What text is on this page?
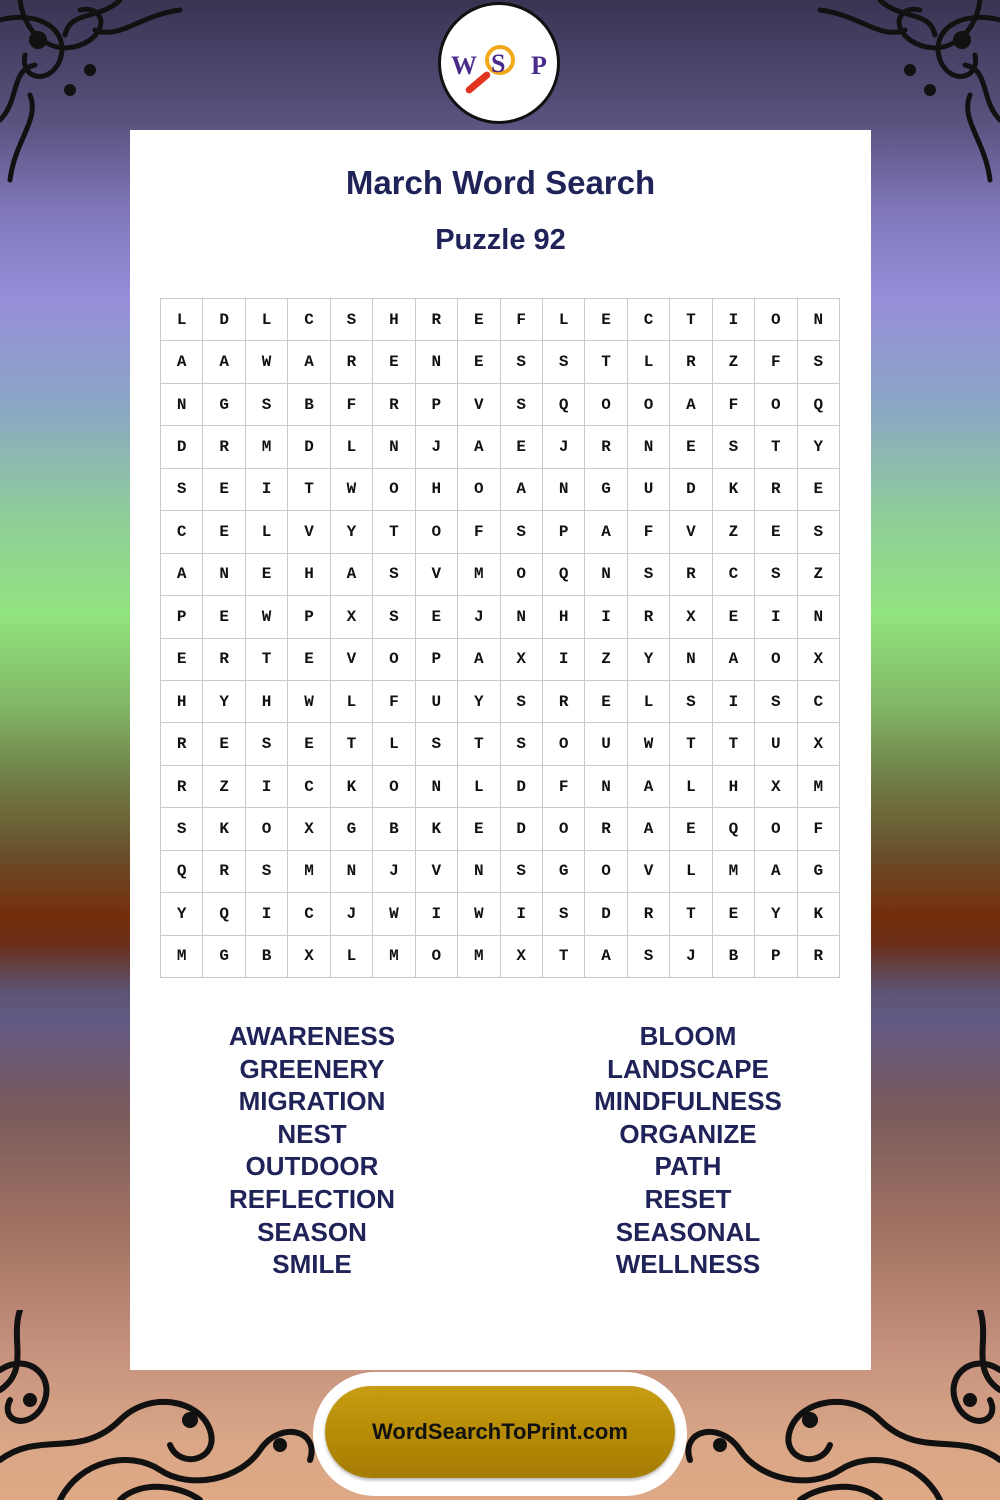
W S P
March Word Search
Puzzle 92
L	D	L	C	S	H	R	E	F	L	E	C	T	I	O	N
A	A	W	A	R	E	N	E	S	S	T	L	R	Z	F	S
N	G	S	B	F	R	P	V	S	Q	O	O	A	F	O	Q
D	R	M	D	L	N	J	A	E	J	R	N	E	S	T	Y
S	E	I	T	W	O	H	O	A	N	G	U	D	K	R	E
C	E	L	V	Y	T	O	F	S	P	A	F	V	Z	E	S
A	N	E	H	A	S	V	M	O	Q	N	S	R	C	S	Z
P	E	W	P	X	S	E	J	N	H	I	R	X	E	I	N
E	R	T	E	V	O	P	A	X	I	Z	Y	N	A	O	X
H	Y	H	W	L	F	U	Y	S	R	E	L	S	I	S	C
R	E	S	E	T	L	S	T	S	O	U	W	T	T	U	X
R	Z	I	C	K	O	N	L	D	F	N	A	L	H	X	M
S	K	O	X	G	B	K	E	D	O	R	A	E	Q	O	F
Q	R	S	M	N	J	V	N	S	G	O	V	L	M	A	G
Y	Q	I	C	J	W	I	W	I	S	D	R	T	E	Y	K
M	G	B	X	L	M	O	M	X	T	A	S	J	B	P	R
AWARENESS
GREENERY
MIGRATION
NEST
OUTDOOR
REFLECTION
SEASON
SMILE
BLOOM
LANDSCAPE
MINDFULNESS
ORGANIZE
PATH
RESET
SEASONAL
WELLNESS
WordSearchToPrint.com
